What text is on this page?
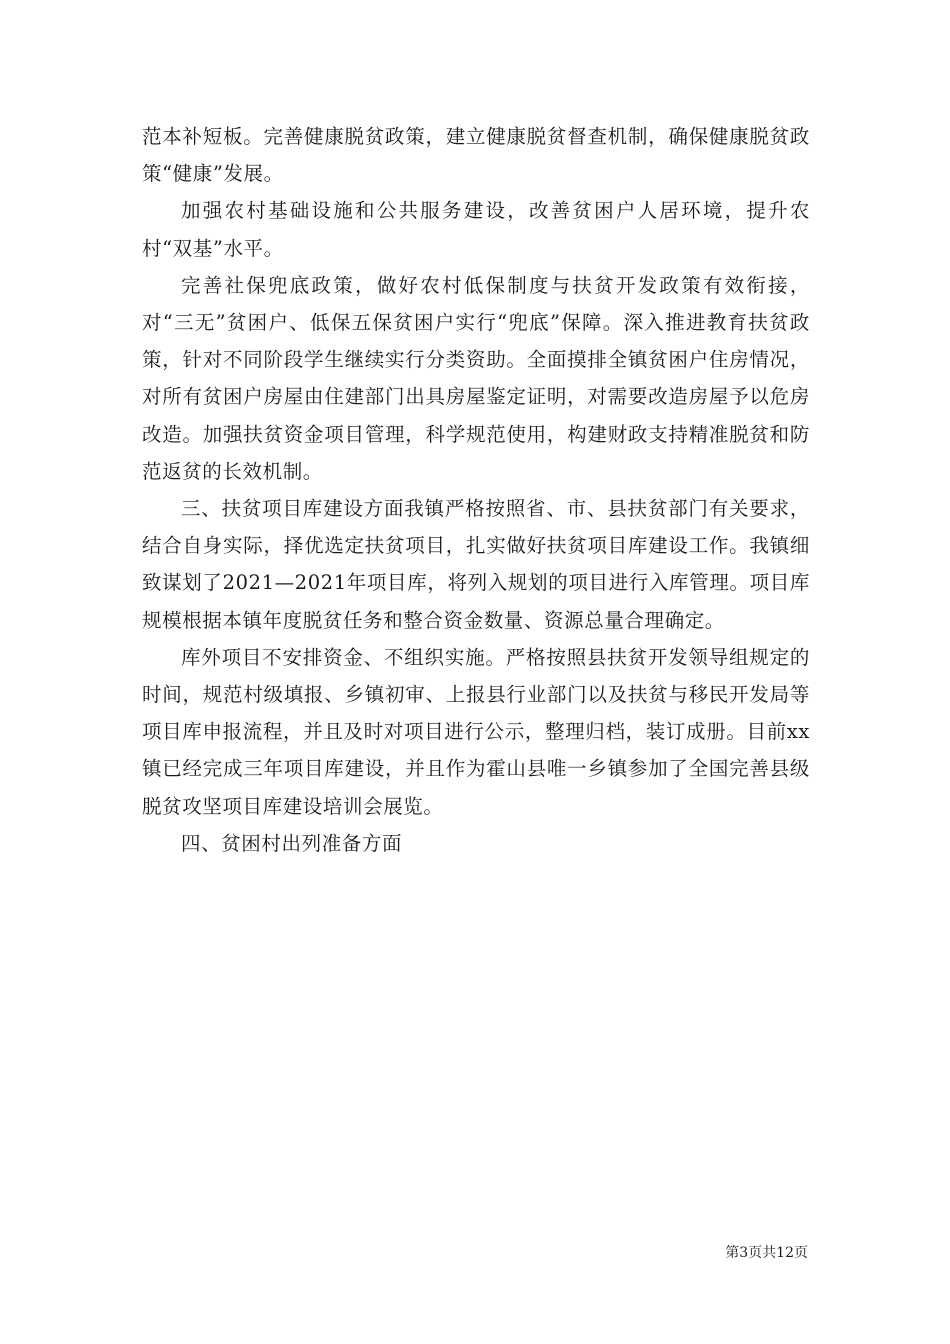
范本补短板。完善健康脱贫政策，建立健康脱贫督查机制，确保健康脱贫政策“健康”发展。

加强农村基础设施和公共服务建设，改善贫困户人居环境，提升农村“双基”水平。

完善社保兜底政策，做好农村低保制度与扶贫开发政策有效衔接，对“三无”贫困户、低保五保贫困户实行“兜底”保障。深入推进教育扶贫政策，针对不同阶段学生继续实行分类资助。全面摸排全镇贫困户住房情况，对所有贫困户房屋由住建部门出具房屋鉴定证明，对需要改造房屋予以危房改造。加强扶贫资金项目管理，科学规范使用，构建财政支持精准脱贫和防范返贫的长效机制。

三、扶贫项目库建设方面我镇严格按照省、市、县扶贫部门有关要求，结合自身实际，择优选定扶贫项目，扎实做好扶贫项目库建设工作。我镇细致谋划了2021—2021年项目库，将列入规划的项目进行入库管理。项目库规模根据本镇年度脱贫任务和整合资金数量、资源总量合理确定。

库外项目不安排资金、不组织实施。严格按照县扶贫开发领导组规定的时间，规范村级填报、乡镇初审、上报县行业部门以及扶贫与移民开发局等项目库申报流程，并且及时对项目进行公示，整理归档，装订成册。目前xx镇已经完成三年项目库建设，并且作为霍山县唯一乡镇参加了全国完善县级脱贫攻坚项目库建设培训会展览。

四、贫困村出列准备方面

第3页共12页
